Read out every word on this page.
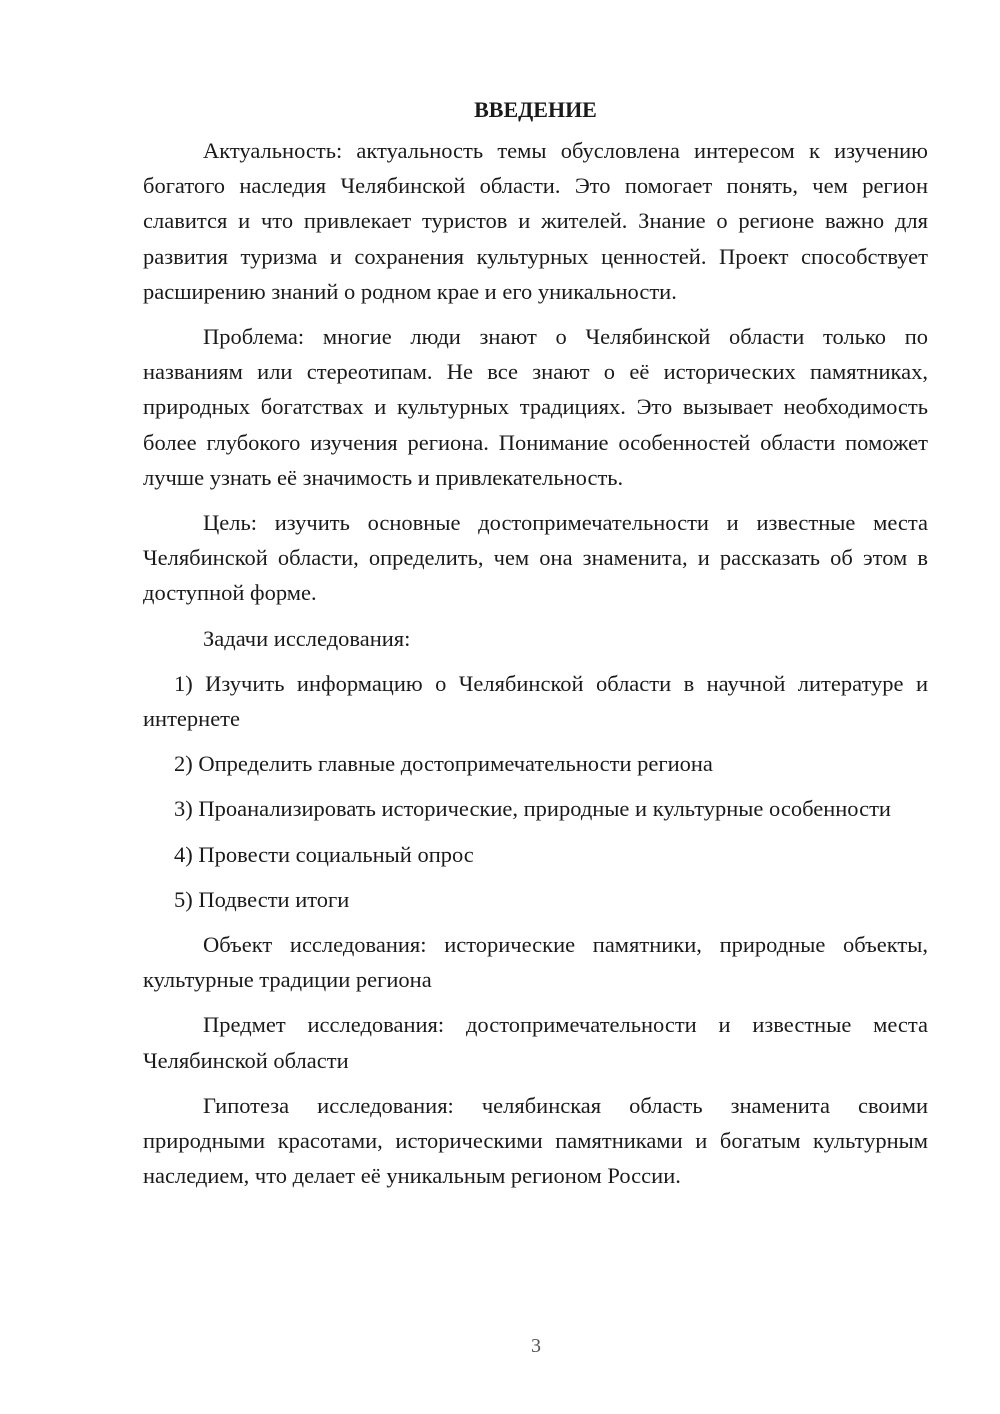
ВВЕДЕНИЕ

Актуальность: актуальность темы обусловлена интересом к изучению богатого наследия Челябинской области. Это помогает понять, чем регион славится и что привлекает туристов и жителей. Знание о регионе важно для развития туризма и сохранения культурных ценностей. Проект способствует расширению знаний о родном крае и его уникальности.

Проблема: многие люди знают о Челябинской области только по названиям или стереотипам. Не все знают о её исторических памятниках, природных богатствах и культурных традициях. Это вызывает необходимость более глубокого изучения региона. Понимание особенностей области поможет лучше узнать её значимость и привлекательность.

Цель: изучить основные достопримечательности и известные места Челябинской области, определить, чем она знаменита, и рассказать об этом в доступной форме.

Задачи исследования:

1) Изучить информацию о Челябинской области в научной литературе и интернете

2) Определить главные достопримечательности региона

3) Проанализировать исторические, природные и культурные особенности

4) Провести социальный опрос

5) Подвести итоги

Объект исследования: исторические памятники, природные объекты, культурные традиции региона

Предмет исследования: достопримечательности и известные места Челябинской области

Гипотеза исследования: челябинская область знаменита своими природными красотами, историческими памятниками и богатым культурным наследием, что делает её уникальным регионом России.

3
